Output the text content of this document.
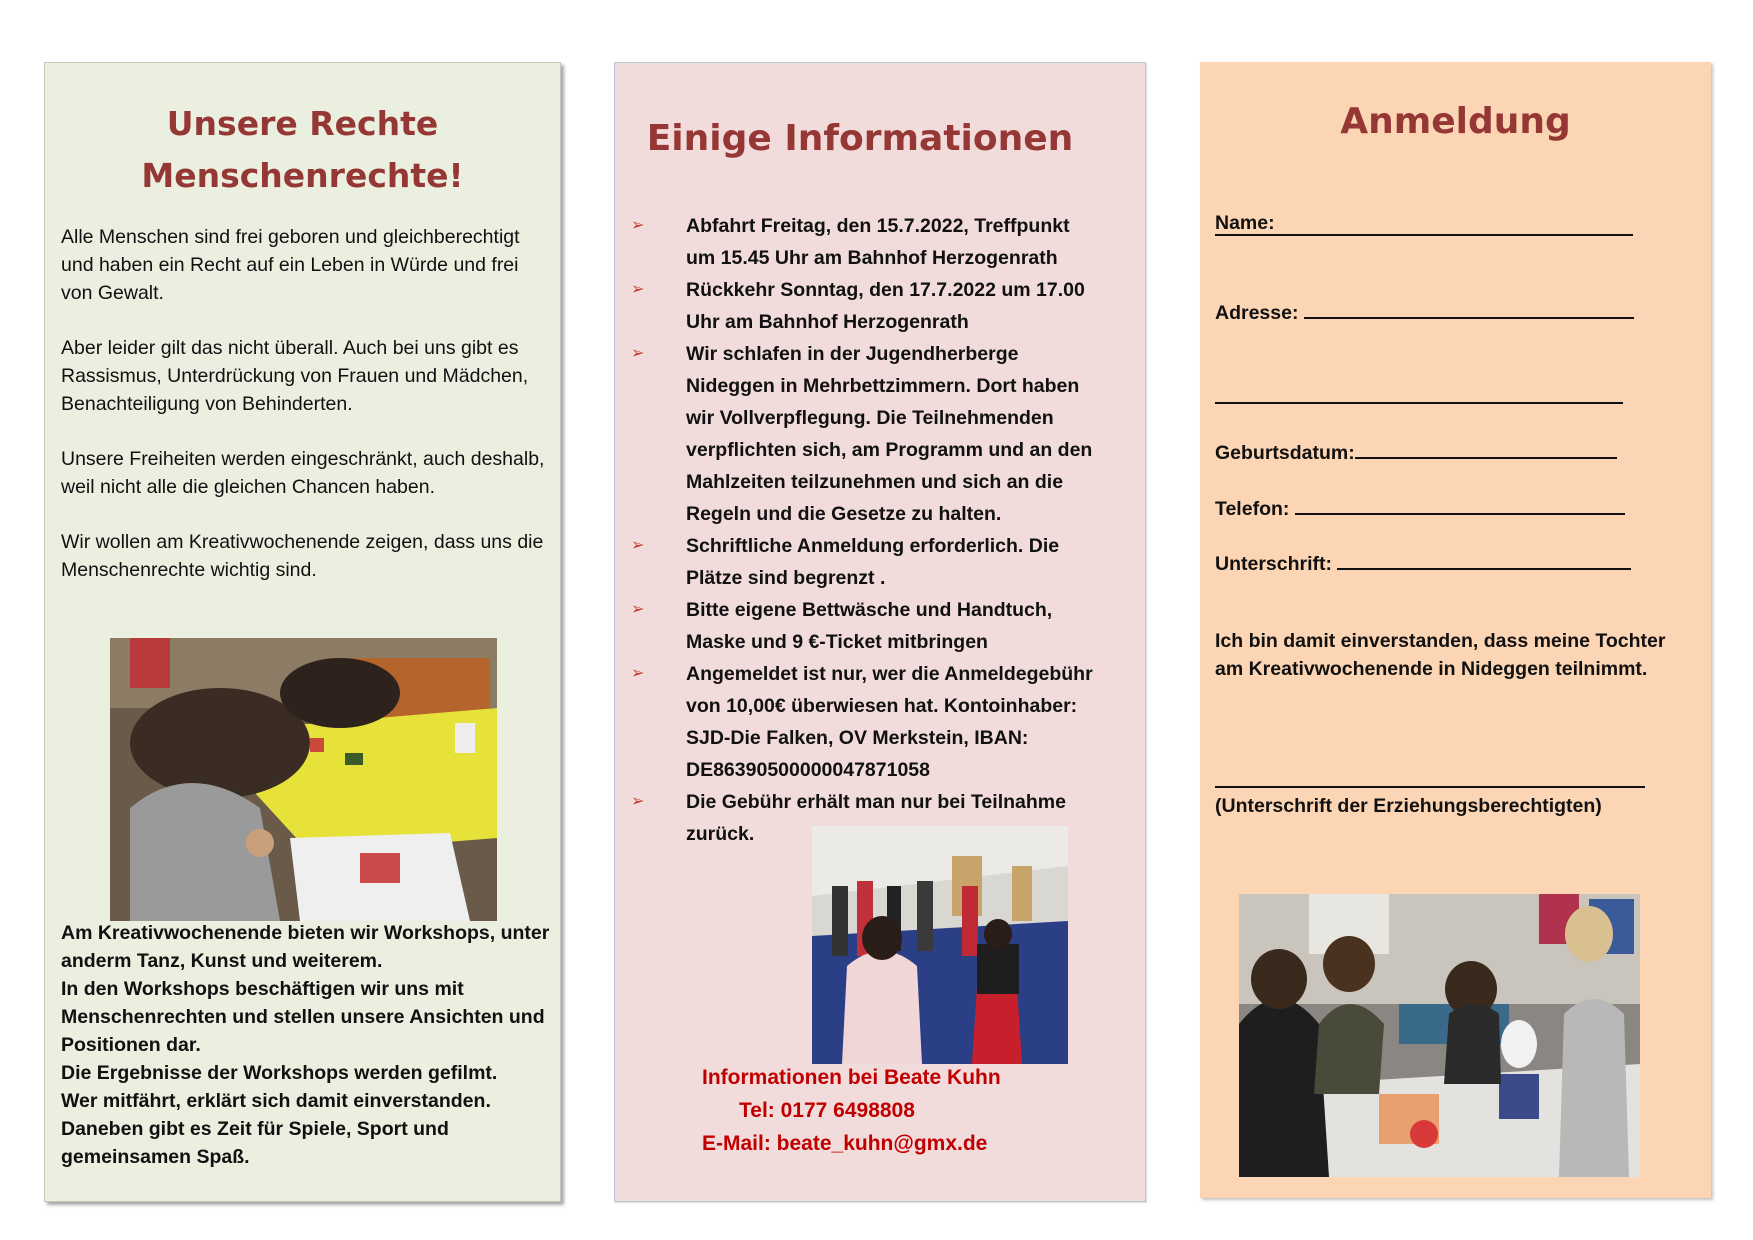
Unsere Rechte
Menschenrechte!

Alle Menschen sind frei geboren und gleichberechtigt und haben ein Recht auf ein Leben in Würde und frei von Gewalt.

Aber leider gilt das nicht überall. Auch bei uns gibt es Rassismus, Unterdrückung von Frauen und Mädchen, Benachteiligung von Behinderten.

Unsere Freiheiten werden eingeschränkt, auch deshalb, weil nicht alle die gleichen Chancen haben.

Wir wollen am Kreativwochenende zeigen, dass uns die Menschenrechte wichtig sind.

Am Kreativwochenende bieten wir Workshops, unter anderm Tanz, Kunst und weiterem.
In den Workshops beschäftigen wir uns mit Menschenrechten und stellen unsere Ansichten und Positionen dar.
Die Ergebnisse der Workshops werden gefilmt.
Wer mitfährt, erklärt sich damit einverstanden.
Daneben gibt es Zeit für Spiele, Sport und gemeinsamen Spaß.

Einige Informationen
➢ Abfahrt Freitag, den 15.7.2022, Treffpunkt um 15.45 Uhr am Bahnhof Herzogenrath
➢ Rückkehr Sonntag, den 17.7.2022 um 17.00 Uhr am Bahnhof Herzogenrath
➢ Wir schlafen in der Jugendherberge Nideggen in Mehrbettzimmern. Dort haben wir Vollverpflegung. Die Teilnehmenden verpflichten sich, am Programm und an den Mahlzeiten teilzunehmen und sich an die Regeln und die Gesetze zu halten.
➢ Schriftliche Anmeldung erforderlich. Die Plätze sind begrenzt .
➢ Bitte eigene Bettwäsche und Handtuch, Maske und 9 €-Ticket mitbringen
➢ Angemeldet ist nur, wer die Anmeldegebühr von 10,00€ überwiesen hat. Kontoinhaber: SJD-Die Falken, OV Merkstein, IBAN: DE86390500000047871058
➢ Die Gebühr erhält man nur bei Teilnahme zurück.
Informationen bei Beate Kuhn
Tel: 0177 6498808
E-Mail: beate_kuhn@gmx.de
Anmeldung
Name:
Adresse:
Geburtsdatum:
Telefon:
Unterschrift:

Ich bin damit einverstanden, dass meine Tochter am Kreativwochenende in Nideggen teilnimmt.

(Unterschrift der Erziehungsberechtigten)
